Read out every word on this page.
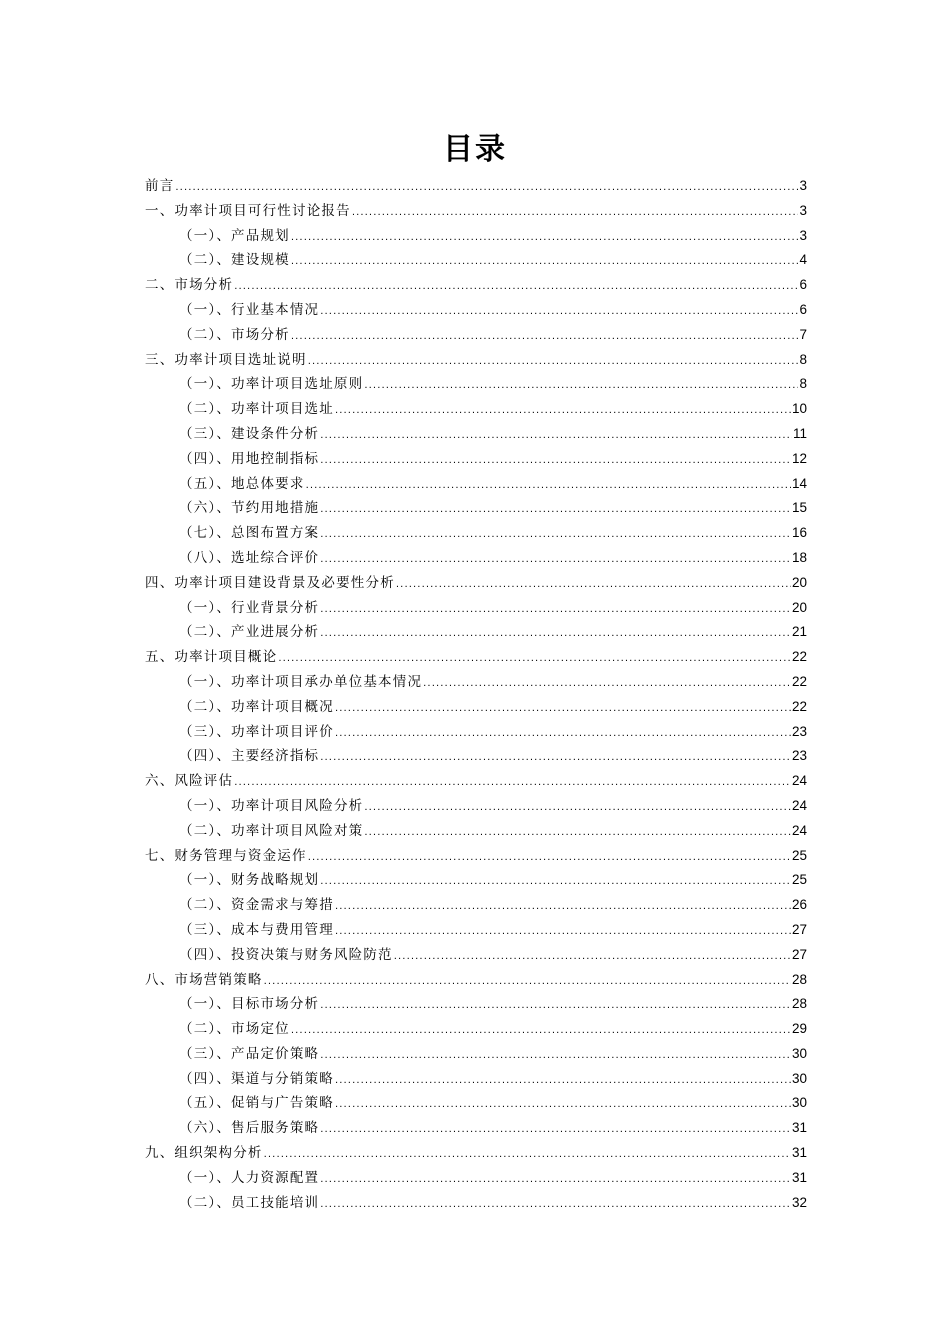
目录
前言 .....	3
一、功率计项目可行性讨论报告 .....	3
（一）、产品规划 .....	3
（二）、建设规模 .....	4
二、市场分析 .....	6
（一）、行业基本情况 .....	6
（二）、市场分析 .....	7
三、功率计项目选址说明 .....	8
（一）、功率计项目选址原则 .....	8
（二）、功率计项目选址 .....	10
（三）、建设条件分析 .....	11
（四）、用地控制指标 .....	12
（五）、地总体要求 .....	14
（六）、节约用地措施 .....	15
（七）、总图布置方案 .....	16
（八）、选址综合评价 .....	18
四、功率计项目建设背景及必要性分析 .....	20
（一）、行业背景分析 .....	20
（二）、产业进展分析 .....	21
五、功率计项目概论 .....	22
（一）、功率计项目承办单位基本情况 .....	22
（二）、功率计项目概况 .....	22
（三）、功率计项目评价 .....	23
（四）、主要经济指标 .....	23
六、风险评估 .....	24
（一）、功率计项目风险分析 .....	24
（二）、功率计项目风险对策 .....	24
七、财务管理与资金运作 .....	25
（一）、财务战略规划 .....	25
（二）、资金需求与筹措 .....	26
（三）、成本与费用管理 .....	27
（四）、投资决策与财务风险防范 .....	27
八、市场营销策略 .....	28
（一）、目标市场分析 .....	28
（二）、市场定位 .....	29
（三）、产品定价策略 .....	30
（四）、渠道与分销策略 .....	30
（五）、促销与广告策略 .....	30
（六）、售后服务策略 .....	31
九、组织架构分析 .....	31
（一）、人力资源配置 .....	31
（二）、员工技能培训 .....	32
